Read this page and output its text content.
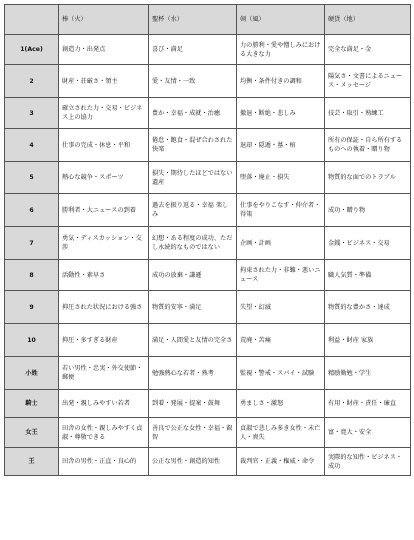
	棒（火）	聖杯（水）	剣（風）	硬貨（地）
1(Ace)	創造力・出発点	喜び・満足	力の勝利・愛や憎しみにおける大きな力	完全な満足・金
2	財産・荘厳さ・領主	愛・友情・一致	均衡・条件付きの調和	陽気さ・文書によるニュース・メッセージ
3	確立された力・交易・ビジネス上の協力	豊か・幸福・成就・治癒	撤退・断絶・悲しみ	技芸・取引・熟練工
4	仕事の完成・休息・平和	倦怠・飽食・混ぜ合わされた快楽	退却・隠遁・墓・棺	所有の保証・自ら所有するものへの執着・贈り物
5	熱心な競争・スポーツ	損失・期待したほどではない遺産	堕落・廃止・損失	物質的な面でのトラブル
6	勝利者・大ニュースの到着	過去を振り返る・幸福 楽しみ	仕事をやりこなす・仲介者・得策	成功・贈り物
7	勇気・ディスカッション・交渉	幻想・ある程度の成功、ただし永続的なものではない	企画・計画	金銭・ビジネス・交易
8	活動性・素早さ	成功の放棄・謙遜	拘束された力・非難・悪いニュース	職人気質・準備
9	抑圧された状況における強さ	物質的安寧・満足	失望・幻滅	物質的な豊かさ・達成
10	抑圧・多すぎる財産	満足・人間愛と友情の完全さ	荒廃・苦痛	利益・財産 家族
小姓	若い男性・忠実・外交使節・郵便	勉強熱心な若者・熟考	監視・警戒・スパイ・試験	精励勤勉・学生
騎士	出発・親しみやすい若者	到着・発展・提案・鼓舞	勇ましさ・激怒	有用・財産・責任・廉直
女王	田舎の女性・親しみやすく貞淑・尊敬できる	善良で公正な女性・幸福・叡智	貞淑で悲しみ多き女性・未亡人・喪失	富・寛大・安全
王	田舎の男性・正直・良心的	公正な男性・創造的知性	裁判官・正義・権威・命令	実際的な知性・ビジネス・成功
